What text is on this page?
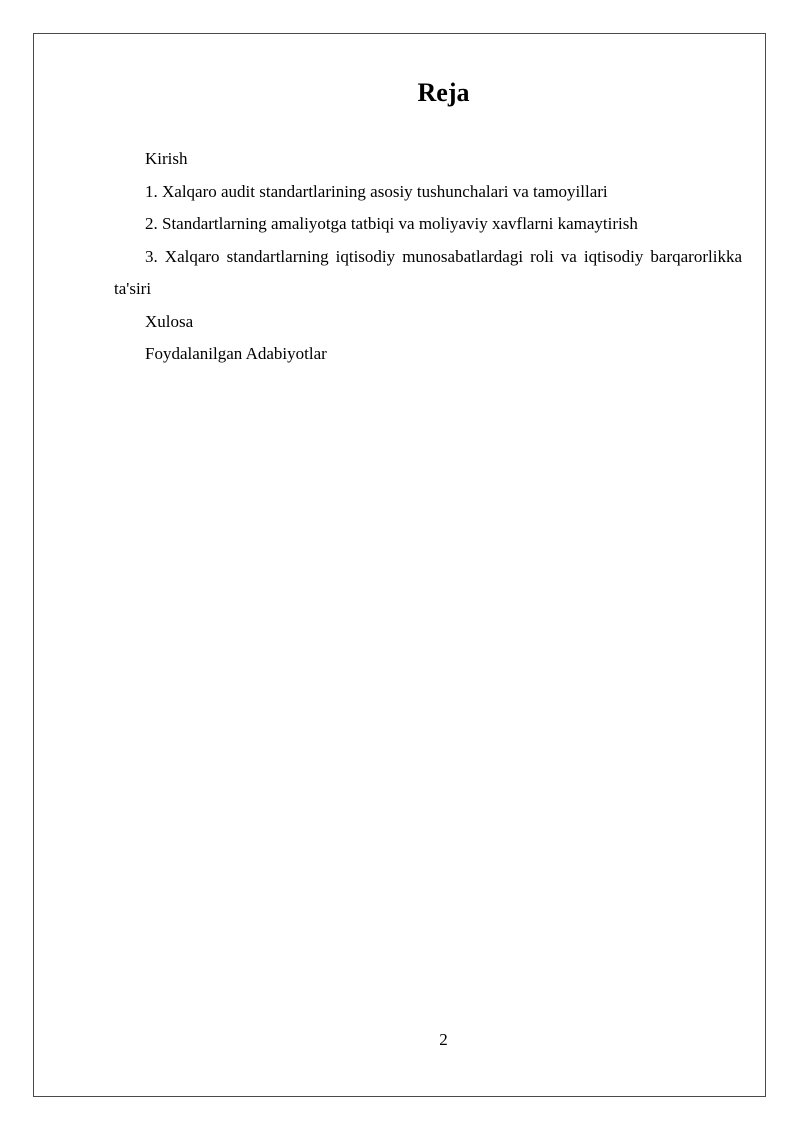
Reja

Kirish

1. Xalqaro audit standartlarining asosiy tushunchalari va tamoyillari

2. Standartlarning amaliyotga tatbiqi va moliyaviy xavflarni kamaytirish

3. Xalqaro standartlarning iqtisodiy munosabatlardagi roli va iqtisodiy barqarorlikka ta'siri

Xulosa

Foydalanilgan Adabiyotlar

2
